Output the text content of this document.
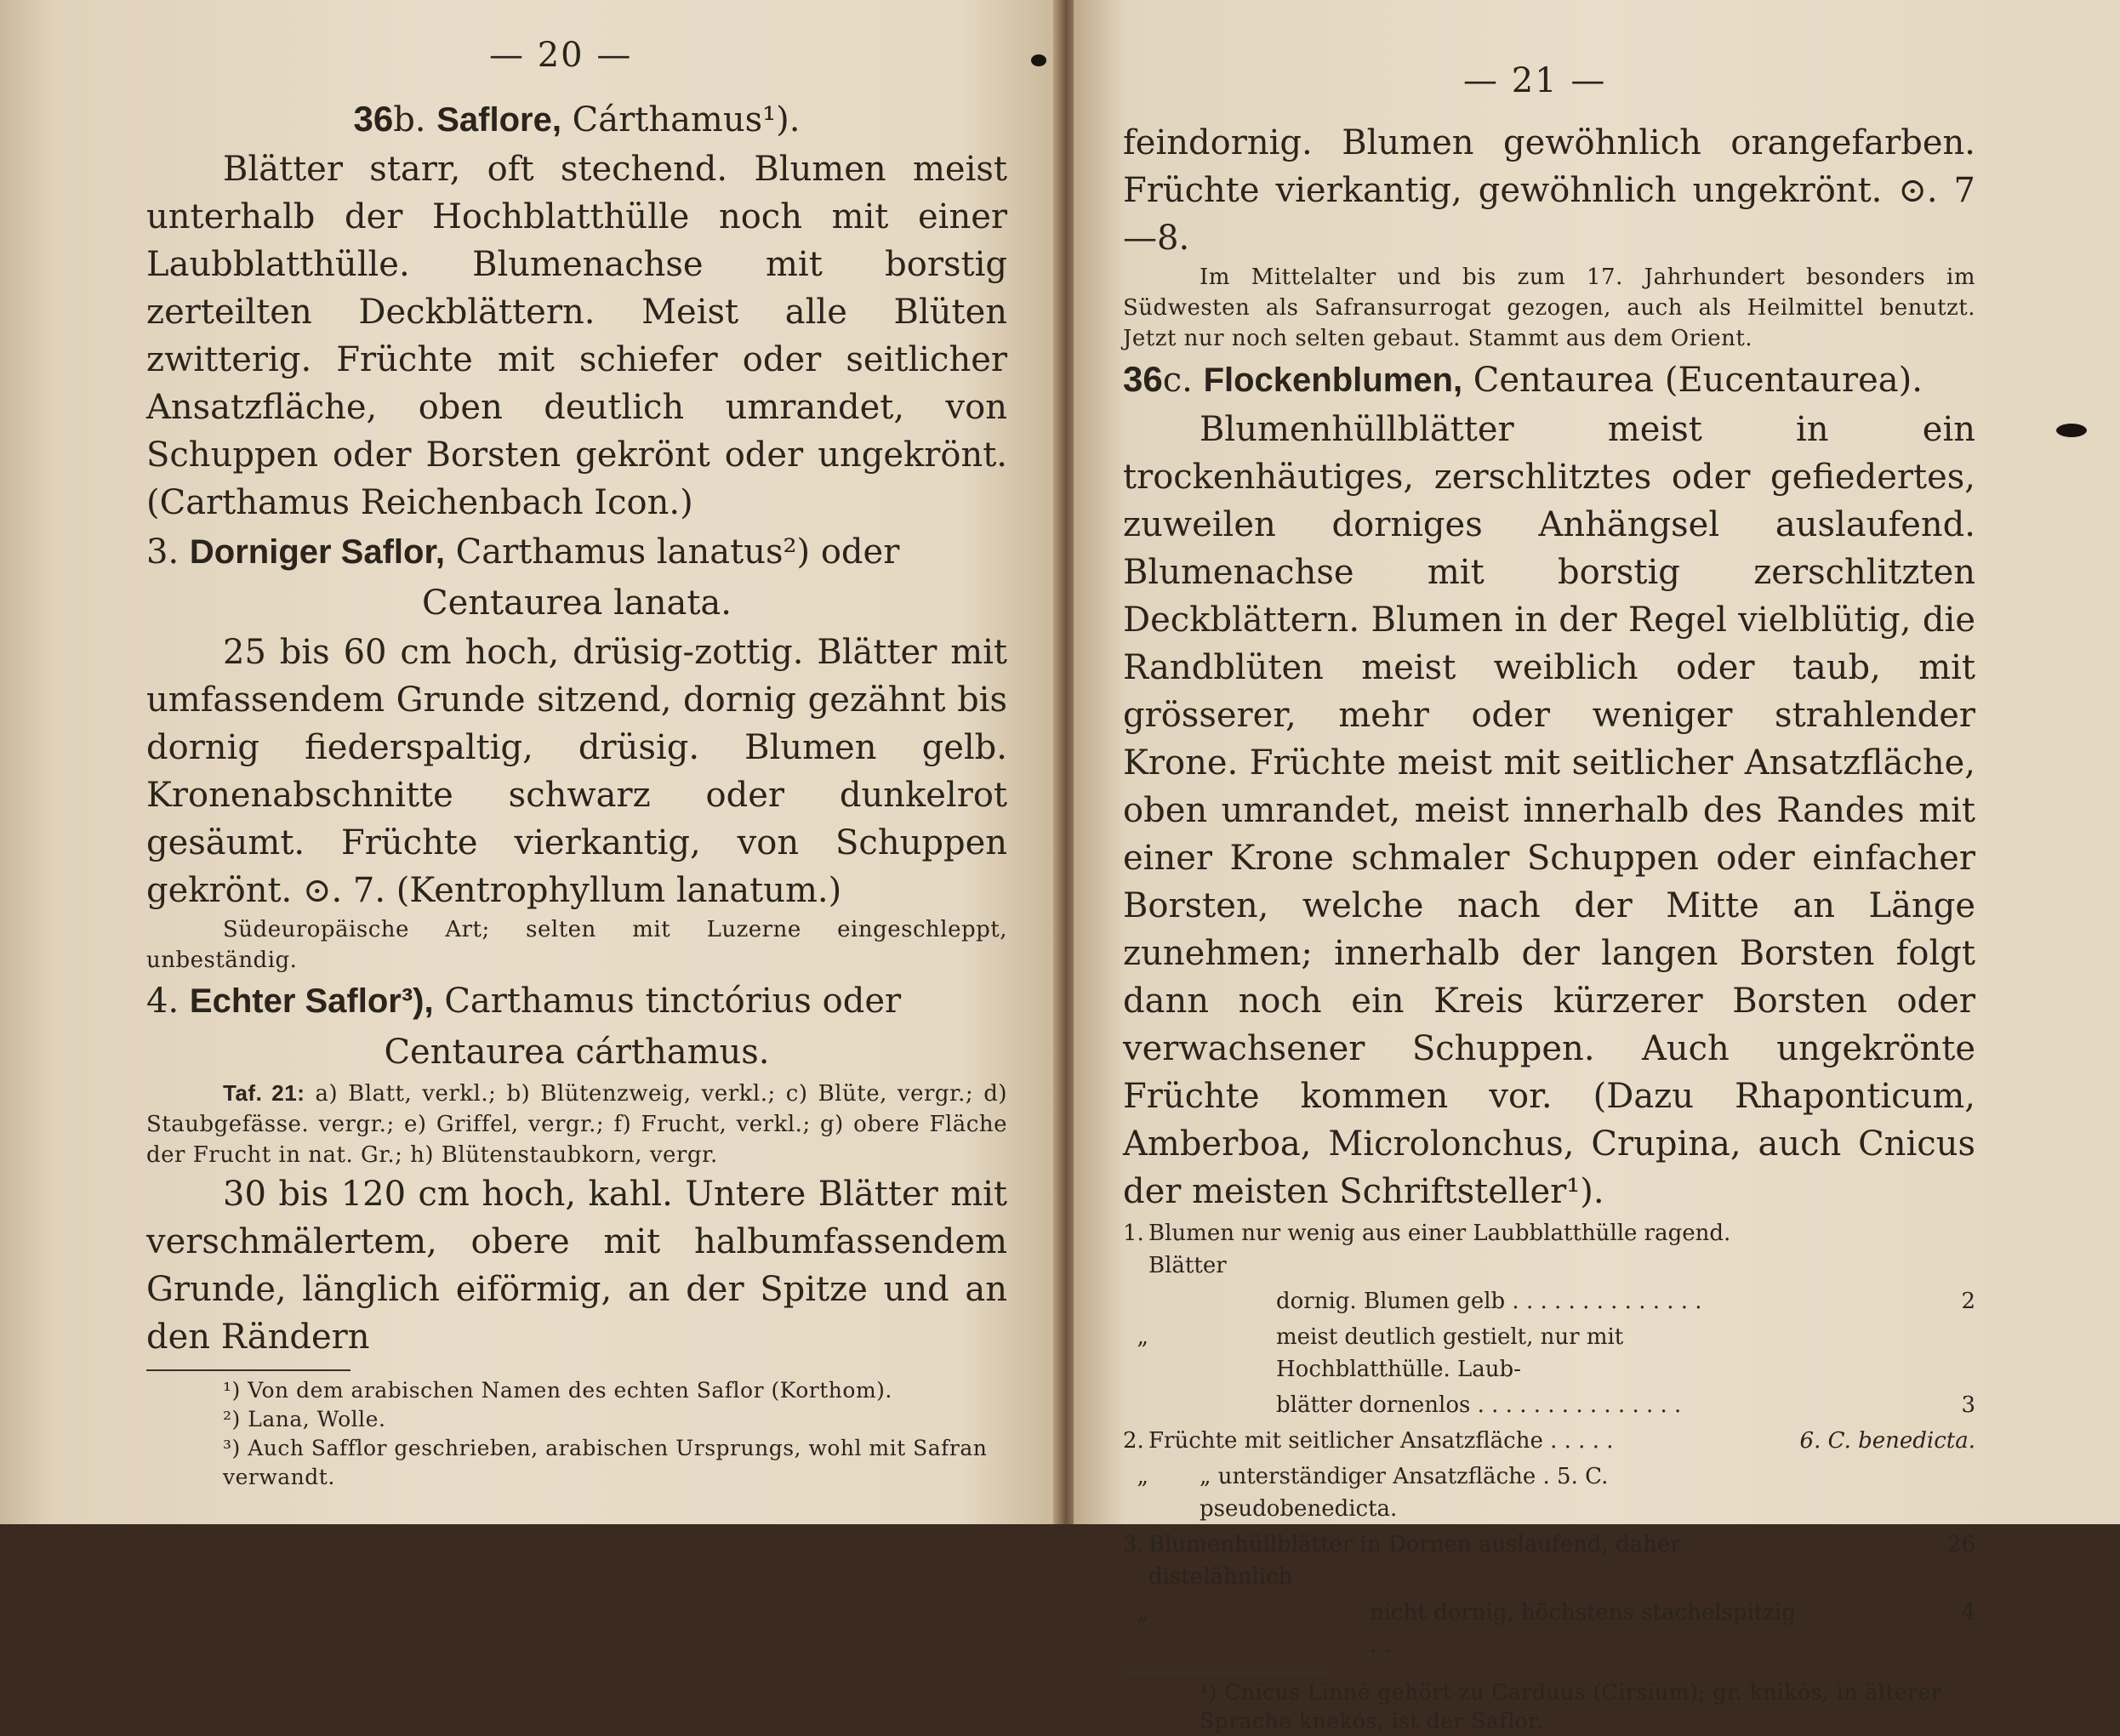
— 20 —

36b. Saflore, Cárthamus¹).

Blätter starr, oft stechend. Blumen meist unterhalb der Hochblatthülle noch mit einer Laubblatthülle. Blumenachse mit borstig zerteilten Deckblättern. Meist alle Blüten zwitterig. Früchte mit schiefer oder seitlicher Ansatzfläche, oben deutlich umrandet, von Schuppen oder Borsten gekrönt oder ungekrönt. (Carthamus Reichenbach Icon.)

3. Dorniger Saflor, Carthamus lanatus²) oder

Centaurea lanata.

25 bis 60 cm hoch, drüsig-zottig. Blätter mit umfassendem Grunde sitzend, dornig gezähnt bis dornig fiederspaltig, drüsig. Blumen gelb. Kronenabschnitte schwarz oder dunkelrot gesäumt. Früchte vierkantig, von Schuppen gekrönt. ⊙. 7. (Kentrophyllum lanatum.)

Südeuropäische Art; selten mit Luzerne eingeschleppt, unbeständig.

4. Echter Saflor³), Carthamus tinctórius oder

Centaurea cárthamus.

Taf. 21: a) Blatt, verkl.; b) Blütenzweig, verkl.; c) Blüte, vergr.; d) Staubgefässe. vergr.; e) Griffel, vergr.; f) Frucht, verkl.; g) obere Fläche der Frucht in nat. Gr.; h) Blütenstaubkorn, vergr.

30 bis 120 cm hoch, kahl. Untere Blätter mit verschmälertem, obere mit halbumfassendem Grunde, länglich eiförmig, an der Spitze und an den Rändern

¹) Von dem arabischen Namen des echten Saflor (Korthom).

²) Lana, Wolle.

³) Auch Safflor geschrieben, arabischen Ursprungs, wohl mit Safran verwandt.

— 21 —

feindornig. Blumen gewöhnlich orangefarben. Früchte vierkantig, gewöhnlich ungekrönt. ⊙. 7—8.

Im Mittelalter und bis zum 17. Jahrhundert besonders im Südwesten als Safransurrogat gezogen, auch als Heilmittel benutzt. Jetzt nur noch selten gebaut. Stammt aus dem Orient.

36c. Flockenblumen, Centaurea (Eucentaurea).

Blumenhüllblätter meist in ein trockenhäutiges, zerschlitztes oder gefiedertes, zuweilen dorniges Anhängsel auslaufend. Blumenachse mit borstig zerschlitzten Deckblättern. Blumen in der Regel vielblütig, die Randblüten meist weiblich oder taub, mit grösserer, mehr oder weniger strahlender Krone. Früchte meist mit seitlicher Ansatzfläche, oben umrandet, meist innerhalb des Randes mit einer Krone schmaler Schuppen oder einfacher Borsten, welche nach der Mitte an Länge zunehmen; innerhalb der langen Borsten folgt dann noch ein Kreis kürzerer Borsten oder verwachsener Schuppen. Auch ungekrönte Früchte kommen vor. (Dazu Rhaponticum, Amberboa, Microlonchus, Crupina, auch Cnicus der meisten Schriftsteller¹).

1.	Blumen nur wenig aus einer Laubblatthülle ragend. Blätter	
	dornig. Blumen gelb . . . . . . . . . . . . . .	2
„	meist deutlich gestielt, nur mit Hochblatthülle. Laub-	
	blätter dornenlos . . . . . . . . . . . . . . .	3
2.	Früchte mit seitlicher Ansatzfläche . . . . .	6. C. benedicta.
„	„ unterständiger Ansatzfläche . 5. C. pseudobenedicta.	
3.	Blumenhüllblätter in Dornen auslaufend, daher distelähnlich	26
„	nicht dornig, höchstens stachelspitzig . .	4

¹) Cnicus Linné gehört zu Carduus (Cirsium); gr. knikós, in älterer Sprache knekós, ist der Saflor.
